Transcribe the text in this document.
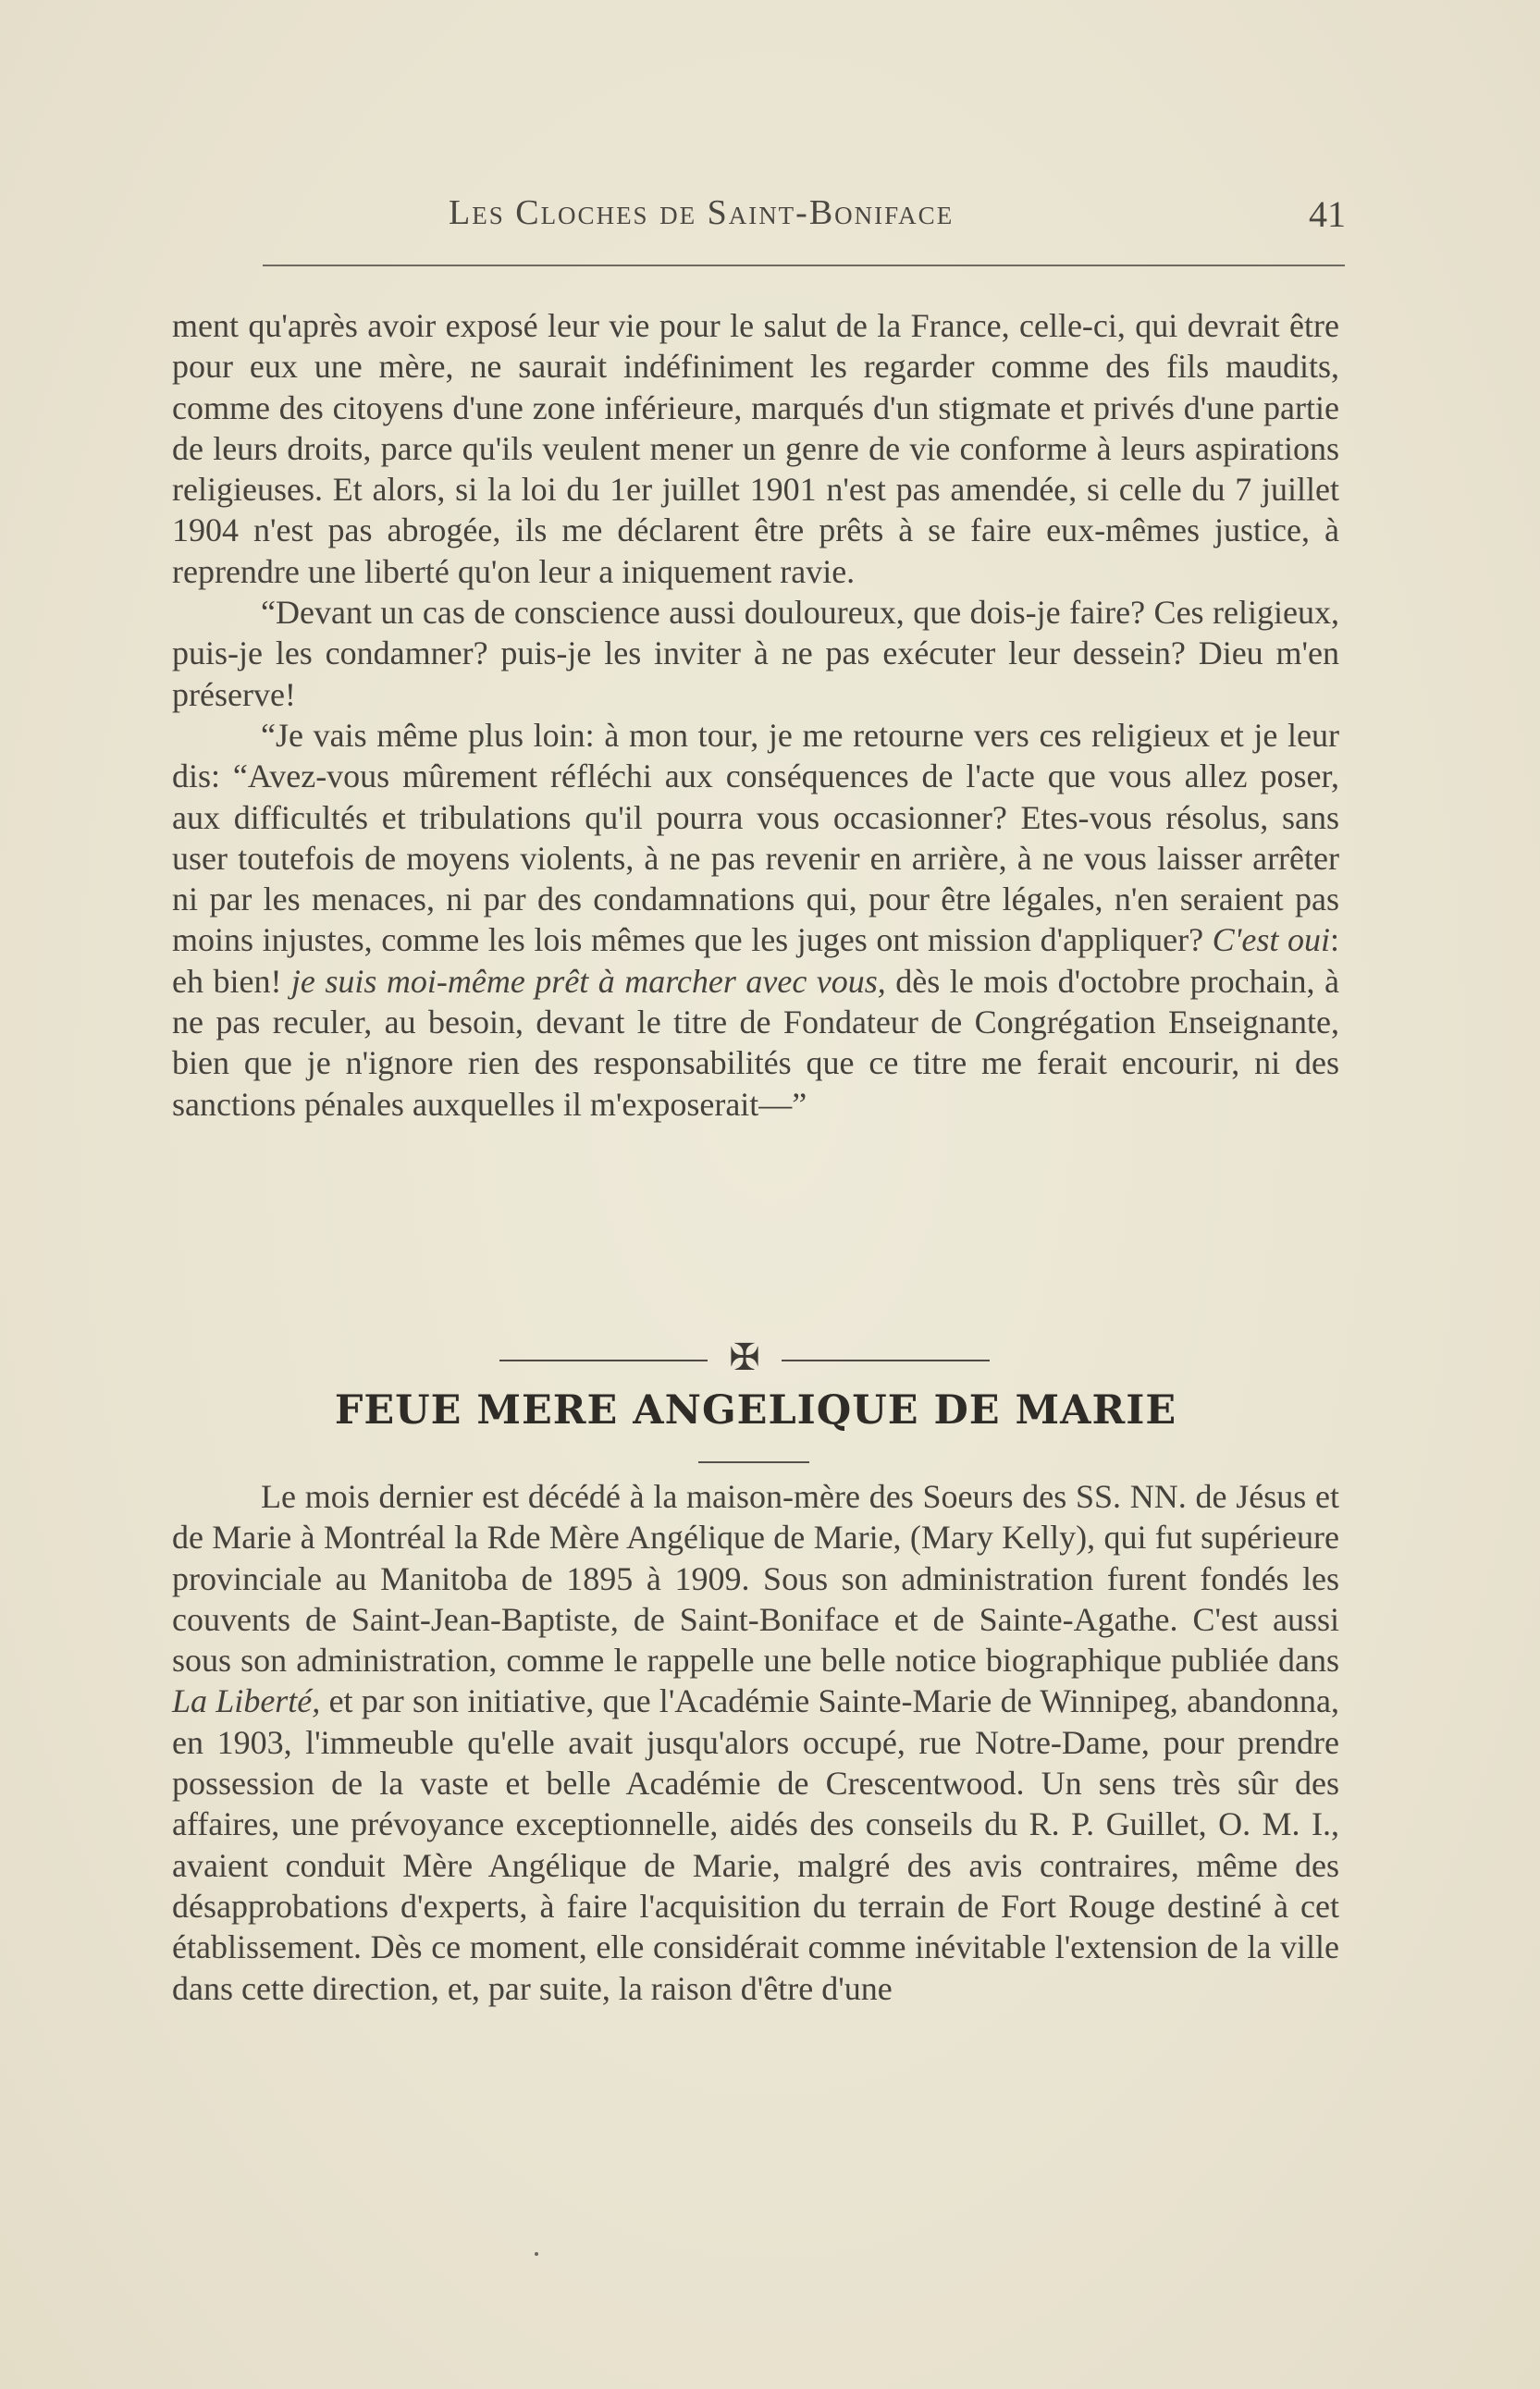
Les Cloches de Saint-Boniface	41

ment qu'après avoir exposé leur vie pour le salut de la France, celle-ci, qui devrait être pour eux une mère, ne saurait indéfiniment les regarder comme des fils maudits, comme des citoyens d'une zone inférieure, marqués d'un stigmate et privés d'une partie de leurs droits, parce qu'ils veulent mener un genre de vie conforme à leurs aspirations religieuses. Et alors, si la loi du 1er juillet 1901 n'est pas amendée, si celle du 7 juillet 1904 n'est pas abrogée, ils me déclarent être prêts à se faire eux-mêmes justice, à reprendre une liberté qu'on leur a iniquement ravie.

“Devant un cas de conscience aussi douloureux, que dois-je faire? Ces religieux, puis-je les condamner? puis-je les inviter à ne pas exécuter leur dessein? Dieu m'en préserve!

“Je vais même plus loin: à mon tour, je me retourne vers ces religieux et je leur dis: “Avez-vous mûrement réfléchi aux conséquences de l'acte que vous allez poser, aux difficultés et tribulations qu'il pourra vous occasionner? Etes-vous résolus, sans user toutefois de moyens violents, à ne pas revenir en arrière, à ne vous laisser arrêter ni par les menaces, ni par des condamnations qui, pour être légales, n'en seraient pas moins injustes, comme les lois mêmes que les juges ont mission d'appliquer? C'est oui: eh bien! je suis moi-même prêt à marcher avec vous, dès le mois d'octobre prochain, à ne pas reculer, au besoin, devant le titre de Fondateur de Congrégation Enseignante, bien que je n'ignore rien des responsabilités que ce titre me ferait encourir, ni des sanctions pénales auxquelles il m'exposerait—”

✠
FEUE MERE ANGELIQUE DE MARIE

Le mois dernier est décédé à la maison-mère des Soeurs des SS. NN. de Jésus et de Marie à Montréal la Rde Mère Angélique de Marie, (Mary Kelly), qui fut supérieure provinciale au Manitoba de 1895 à 1909. Sous son administration furent fondés les couvents de Saint-Jean-Baptiste, de Saint-Boniface et de Sainte-Agathe. C'est aussi sous son administration, comme le rappelle une belle notice biographique publiée dans La Liberté, et par son initiative, que l'Académie Sainte-Marie de Winnipeg, abandonna, en 1903, l'immeuble qu'elle avait jusqu'alors occupé, rue Notre-Dame, pour prendre possession de la vaste et belle Académie de Crescentwood. Un sens très sûr des affaires, une prévoyance exceptionnelle, aidés des conseils du R. P. Guillet, O. M. I., avaient conduit Mère Angélique de Marie, malgré des avis contraires, même des désapprobations d'experts, à faire l'acquisition du terrain de Fort Rouge destiné à cet établissement. Dès ce moment, elle considérait comme inévitable l'extension de la ville dans cette direction, et, par suite, la raison d'être d'une
